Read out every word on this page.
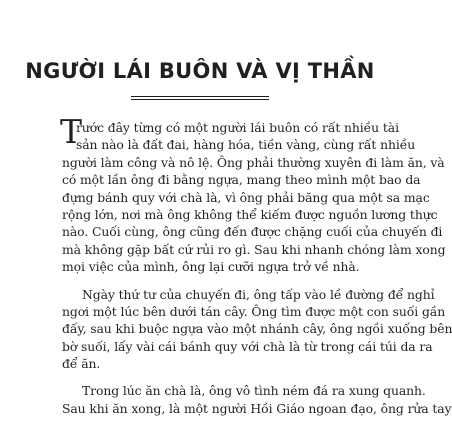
NGƯỜI LÁI BUÔN VÀ VỊ THẦN

T
rước đây từng có một người lái buôn có rất nhiều tài
sản nào là đất đai, hàng hóa, tiền vàng, cùng rất nhiều
người làm công và nô lệ. Ông phải thường xuyên đi làm ăn, và
có một lần ông đi bằng ngựa, mang theo mình một bao da
đựng bánh quy với chà là, vì ông phải băng qua một sa mạc
rộng lớn, nơi mà ông không thể kiếm được nguồn lương thực
nào. Cuối cùng, ông cũng đến được chặng cuối của chuyến đi
mà không gặp bất cứ rủi ro gì. Sau khi nhanh chóng làm xong
mọi việc của mình, ông lại cưỡi ngựa trở về nhà.

Ngày thứ tư của chuyến đi, ông tấp vào lề đường để nghỉ
ngơi một lúc bên dưới tán cây. Ông tìm được một con suối gần
đấy, sau khi buộc ngựa vào một nhánh cây, ông ngồi xuống bên
bờ suối, lấy vài cái bánh quy với chà là từ trong cái túi da ra
để ăn.

Trong lúc ăn chà là, ông vô tình ném đá ra xung quanh.
Sau khi ăn xong, là một người Hồi Giáo ngoan đạo, ông rửa tay
